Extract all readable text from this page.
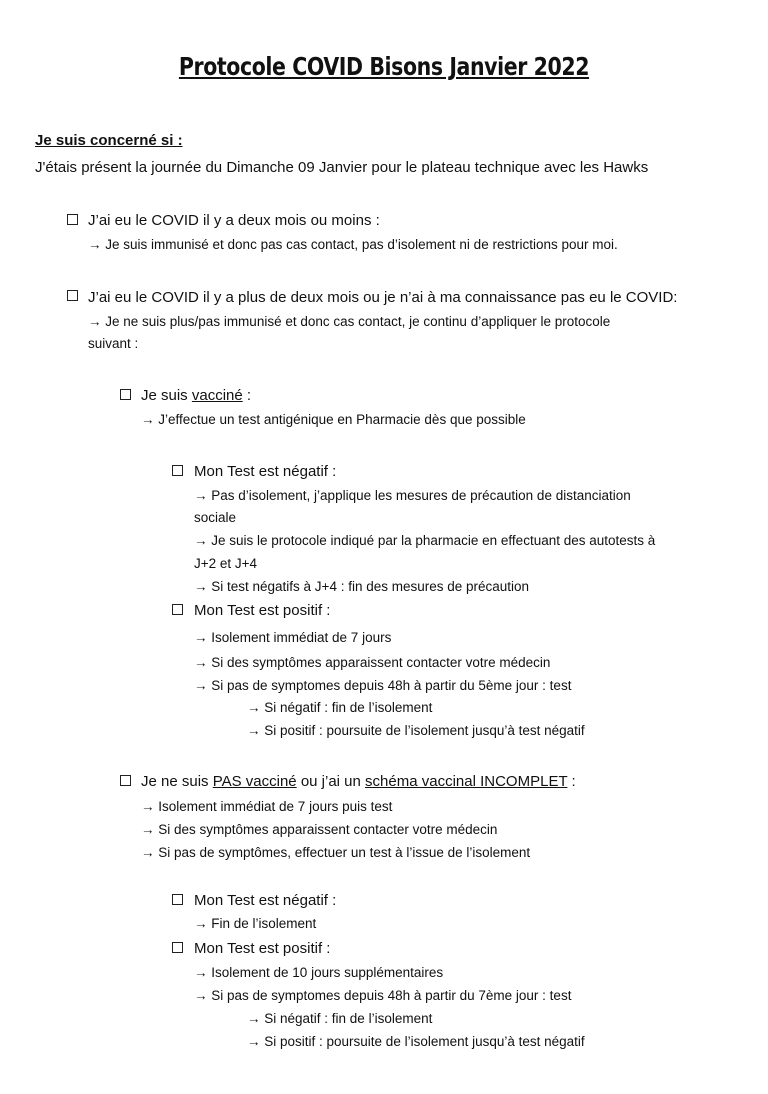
Protocole COVID Bisons Janvier 2022
Je suis concerné si :
J'étais présent la journée du Dimanche 09 Janvier pour le plateau technique avec les Hawks
J’ai eu le COVID il y a deux mois ou moins :
→ Je suis immunisé et donc pas cas contact, pas d’isolement ni de restrictions pour moi.
J’ai eu le COVID il y a plus de deux mois ou je n’ai à ma connaissance pas eu le COVID:
→ Je ne suis plus/pas immunisé et donc cas contact, je continu d’appliquer le protocole
suivant :
Je suis vacciné :
→ J’effectue un test antigénique en Pharmacie dès que possible
Mon Test est négatif :
→ Pas d’isolement, j’applique les mesures de précaution de distanciation
sociale
→ Je suis le protocole indiqué par la pharmacie en effectuant des autotests à
J+2 et J+4
→ Si test négatifs à J+4 : fin des mesures de précaution
Mon Test est positif :
→ Isolement immédiat de 7 jours
→ Si des symptômes apparaissent contacter votre médecin
→ Si pas de symptomes depuis 48h à partir du 5ème jour : test
→ Si négatif : fin de l’isolement
→ Si positif : poursuite de l’isolement jusqu’à test négatif
Je ne suis PAS vacciné ou j’ai un schéma vaccinal INCOMPLET :
→ Isolement immédiat de 7 jours puis test
→ Si des symptômes apparaissent contacter votre médecin
→ Si pas de symptômes, effectuer un test à l’issue de l’isolement
Mon Test est négatif :
→ Fin de l’isolement
Mon Test est positif :
→ Isolement de 10 jours supplémentaires
→ Si pas de symptomes depuis 48h à partir du 7ème jour : test
→ Si négatif : fin de l’isolement
→ Si positif : poursuite de l’isolement jusqu’à test négatif
